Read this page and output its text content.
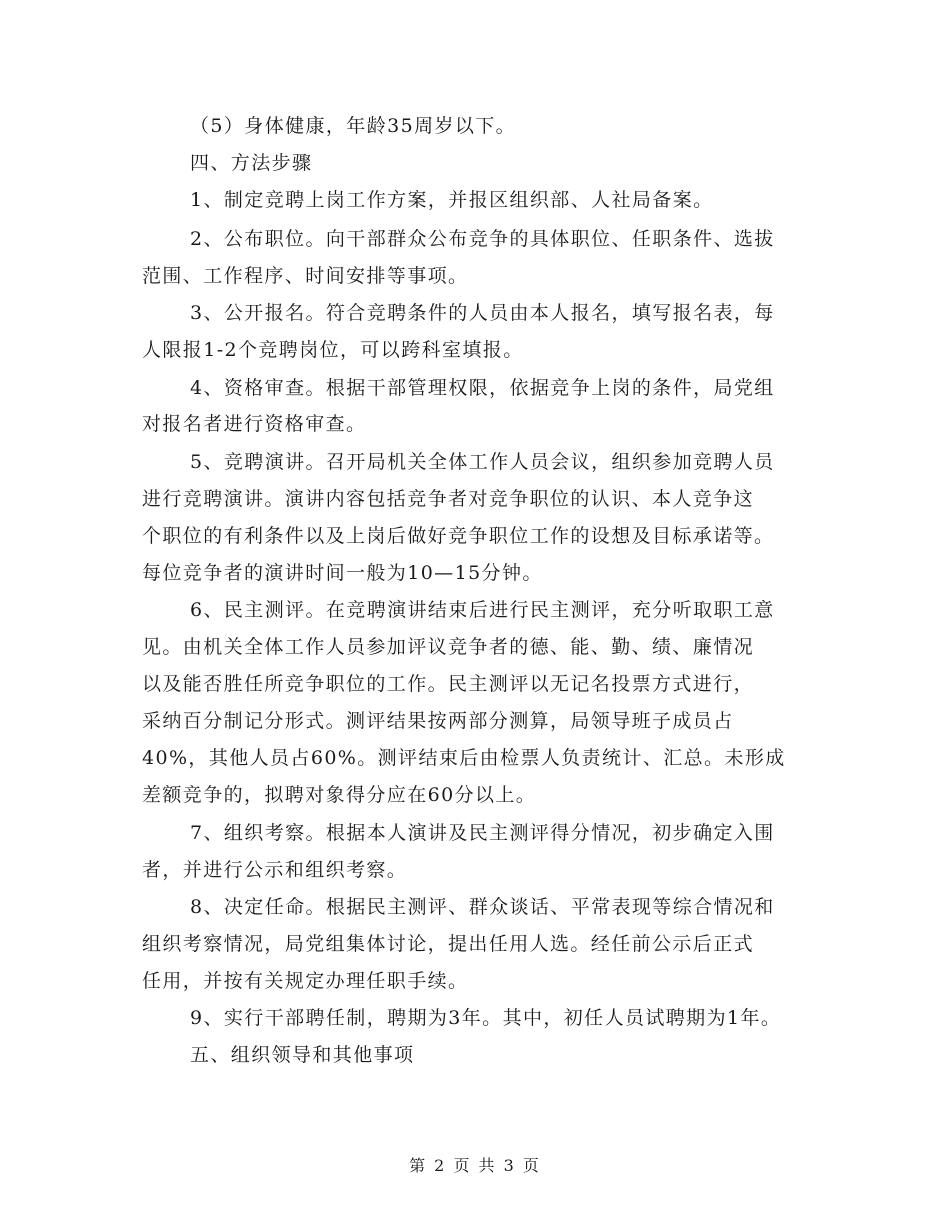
（5）身体健康，年龄35周岁以下。
四、方法步骤
1、制定竞聘上岗工作方案，并报区组织部、人社局备案。
2、公布职位。向干部群众公布竞争的具体职位、任职条件、选拔
范围、工作程序、时间安排等事项。
3、公开报名。符合竞聘条件的人员由本人报名，填写报名表，每
人限报1-2个竞聘岗位，可以跨科室填报。
4、资格审查。根据干部管理权限，依据竞争上岗的条件，局党组
对报名者进行资格审查。
5、竞聘演讲。召开局机关全体工作人员会议，组织参加竞聘人员
进行竞聘演讲。演讲内容包括竞争者对竞争职位的认识、本人竞争这
个职位的有利条件以及上岗后做好竞争职位工作的设想及目标承诺等。
每位竞争者的演讲时间一般为10—15分钟。
6、民主测评。在竞聘演讲结束后进行民主测评，充分听取职工意
见。由机关全体工作人员参加评议竞争者的德、能、勤、绩、廉情况
以及能否胜任所竞争职位的工作。民主测评以无记名投票方式进行，
采纳百分制记分形式。测评结果按两部分测算，局领导班子成员占
40%，其他人员占60%。测评结束后由检票人负责统计、汇总。未形成
差额竞争的，拟聘对象得分应在60分以上。
7、组织考察。根据本人演讲及民主测评得分情况，初步确定入围
者，并进行公示和组织考察。
8、决定任命。根据民主测评、群众谈话、平常表现等综合情况和
组织考察情况，局党组集体讨论，提出任用人选。经任前公示后正式
任用，并按有关规定办理任职手续。
9、实行干部聘任制，聘期为3年。其中，初任人员试聘期为1年。
五、组织领导和其他事项
第 2 页 共 3 页
